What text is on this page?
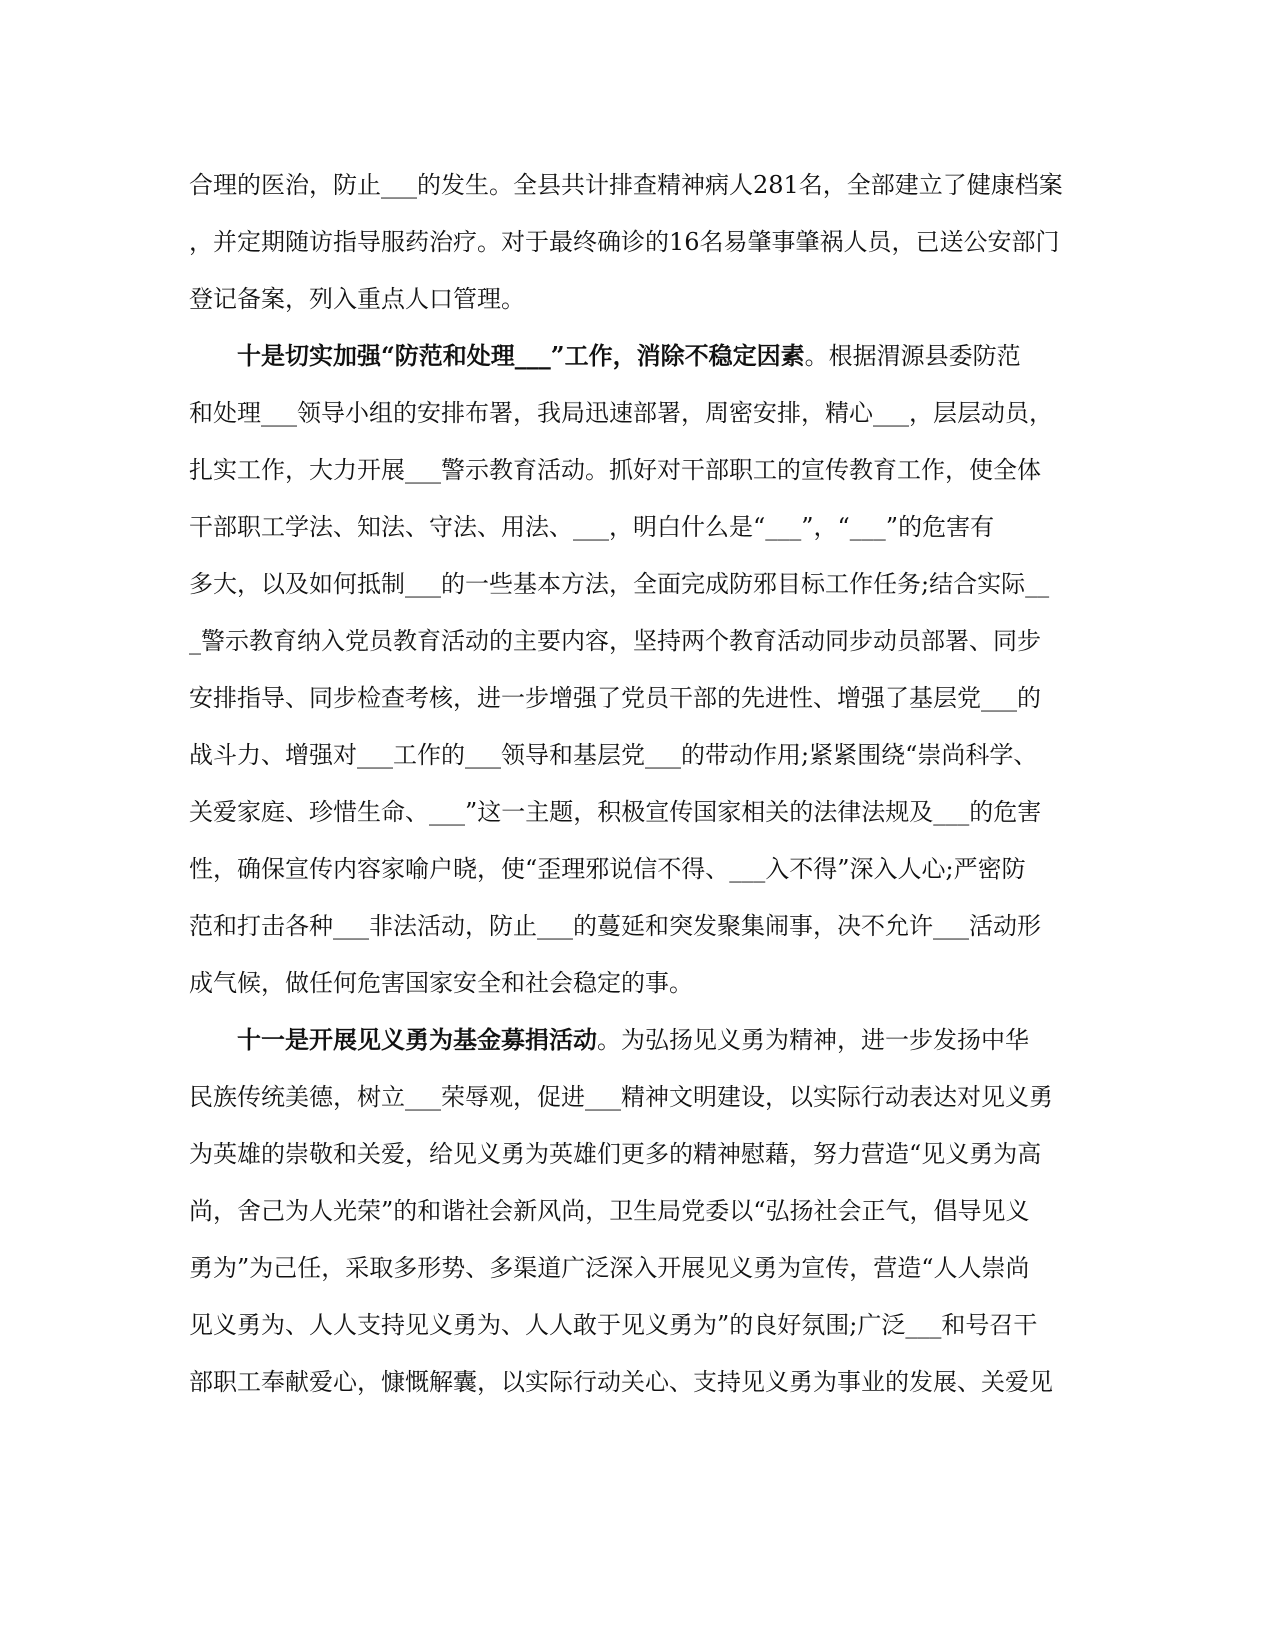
合理的医治，防止___的发生。全县共计排查精神病人281名，全部建立了健康档案
，并定期随访指导服药治疗。对于最终确诊的16名易肇事肇祸人员，已送公安部门
登记备案，列入重点人口管理。
十是切实加强“防范和处理___”工作，消除不稳定因素。根据渭源县委防范
和处理___领导小组的安排布署，我局迅速部署，周密安排，精心___，层层动员，
扎实工作，大力开展___警示教育活动。抓好对干部职工的宣传教育工作，使全体
干部职工学法、知法、守法、用法、___，明白什么是“___”，“___”的危害有
多大，以及如何抵制___的一些基本方法，全面完成防邪目标工作任务;结合实际__
_警示教育纳入党员教育活动的主要内容，坚持两个教育活动同步动员部署、同步
安排指导、同步检查考核，进一步增强了党员干部的先进性、增强了基层党___的
战斗力、增强对___工作的___领导和基层党___的带动作用;紧紧围绕“崇尚科学、
关爱家庭、珍惜生命、___”这一主题，积极宣传国家相关的法律法规及___的危害
性，确保宣传内容家喻户晓，使“歪理邪说信不得、___入不得”深入人心;严密防
范和打击各种___非法活动，防止___的蔓延和突发聚集闹事，决不允许___活动形
成气候，做任何危害国家安全和社会稳定的事。
十一是开展见义勇为基金募捐活动。为弘扬见义勇为精神，进一步发扬中华
民族传统美德，树立___荣辱观，促进___精神文明建设，以实际行动表达对见义勇
为英雄的崇敬和关爱，给见义勇为英雄们更多的精神慰藉，努力营造“见义勇为高
尚，舍己为人光荣”的和谐社会新风尚，卫生局党委以“弘扬社会正气，倡导见义
勇为”为己任，采取多形势、多渠道广泛深入开展见义勇为宣传，营造“人人崇尚
见义勇为、人人支持见义勇为、人人敢于见义勇为”的良好氛围;广泛___和号召干
部职工奉献爱心，慷慨解囊，以实际行动关心、支持见义勇为事业的发展、关爱见
